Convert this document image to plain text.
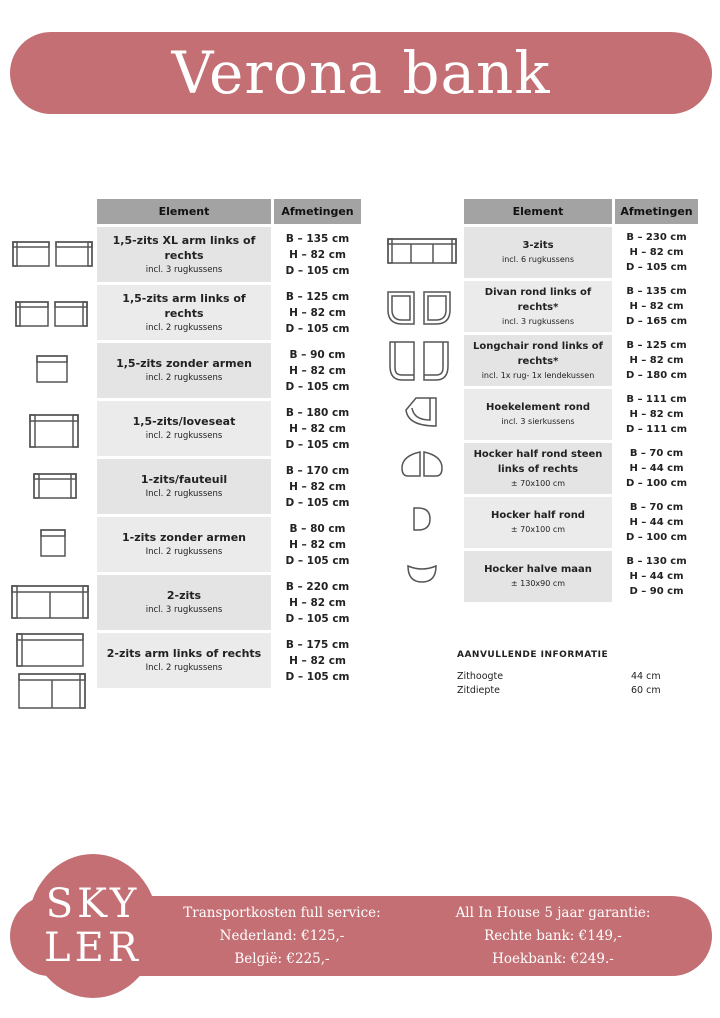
Verona bank
Element	Afmetingen

1,5-zits XL arm links of rechts
incl. 3 rugkussens	B – 135 cm
H – 82 cm
D – 105 cm

1,5-zits arm links of rechts
incl. 2 rugkussens	B – 125 cm
H – 82 cm
D – 105 cm

1,5-zits zonder armen
incl. 2 rugkussens	B – 90 cm
H – 82 cm
D – 105 cm

1,5-zits/loveseat
incl. 2 rugkussens	B – 180 cm
H – 82 cm
D – 105 cm

1-zits/fauteuil
Incl. 2 rugkussens	B – 170 cm
H – 82 cm
D – 105 cm

1-zits zonder armen
Incl. 2 rugkussens	B – 80 cm
H – 82 cm
D – 105 cm

2-zits
incl. 3 rugkussens	B – 220 cm
H – 82 cm
D – 105 cm

2-zits arm links of rechts
Incl. 2 rugkussens	B – 175 cm
H – 82 cm
D – 105 cm
Element	Afmetingen

3-zits
incl. 6 rugkussens	B – 230 cm
H – 82 cm
D – 105 cm

Divan rond links of rechts*
incl. 3 rugkussens	B – 135 cm
H – 82 cm
D – 165 cm

Longchair rond links of rechts*
incl. 1x rug- 1x lendekussen	B – 125 cm
H – 82 cm
D – 180 cm

Hoekelement rond
incl. 3 sierkussens	B – 111 cm
H – 82 cm
D – 111 cm

Hocker half rond steen links of rechts
± 70x100 cm	B – 70 cm
H – 44 cm
D – 100 cm

Hocker half rond
± 70x100 cm	B – 70 cm
H – 44 cm
D – 100 cm

Hocker halve maan
± 130x90 cm	B – 130 cm
H – 44 cm
D – 90 cm
AANVULLENDE INFORMATIE
Zithoogte	44 cm
Zitdiepte	60 cm
SKY
LER
Transportkosten full service:
Nederland: €125,-
België: €225,-
All In House 5 jaar garantie:
Rechte bank: €149,-
Hoekbank: €249.-
